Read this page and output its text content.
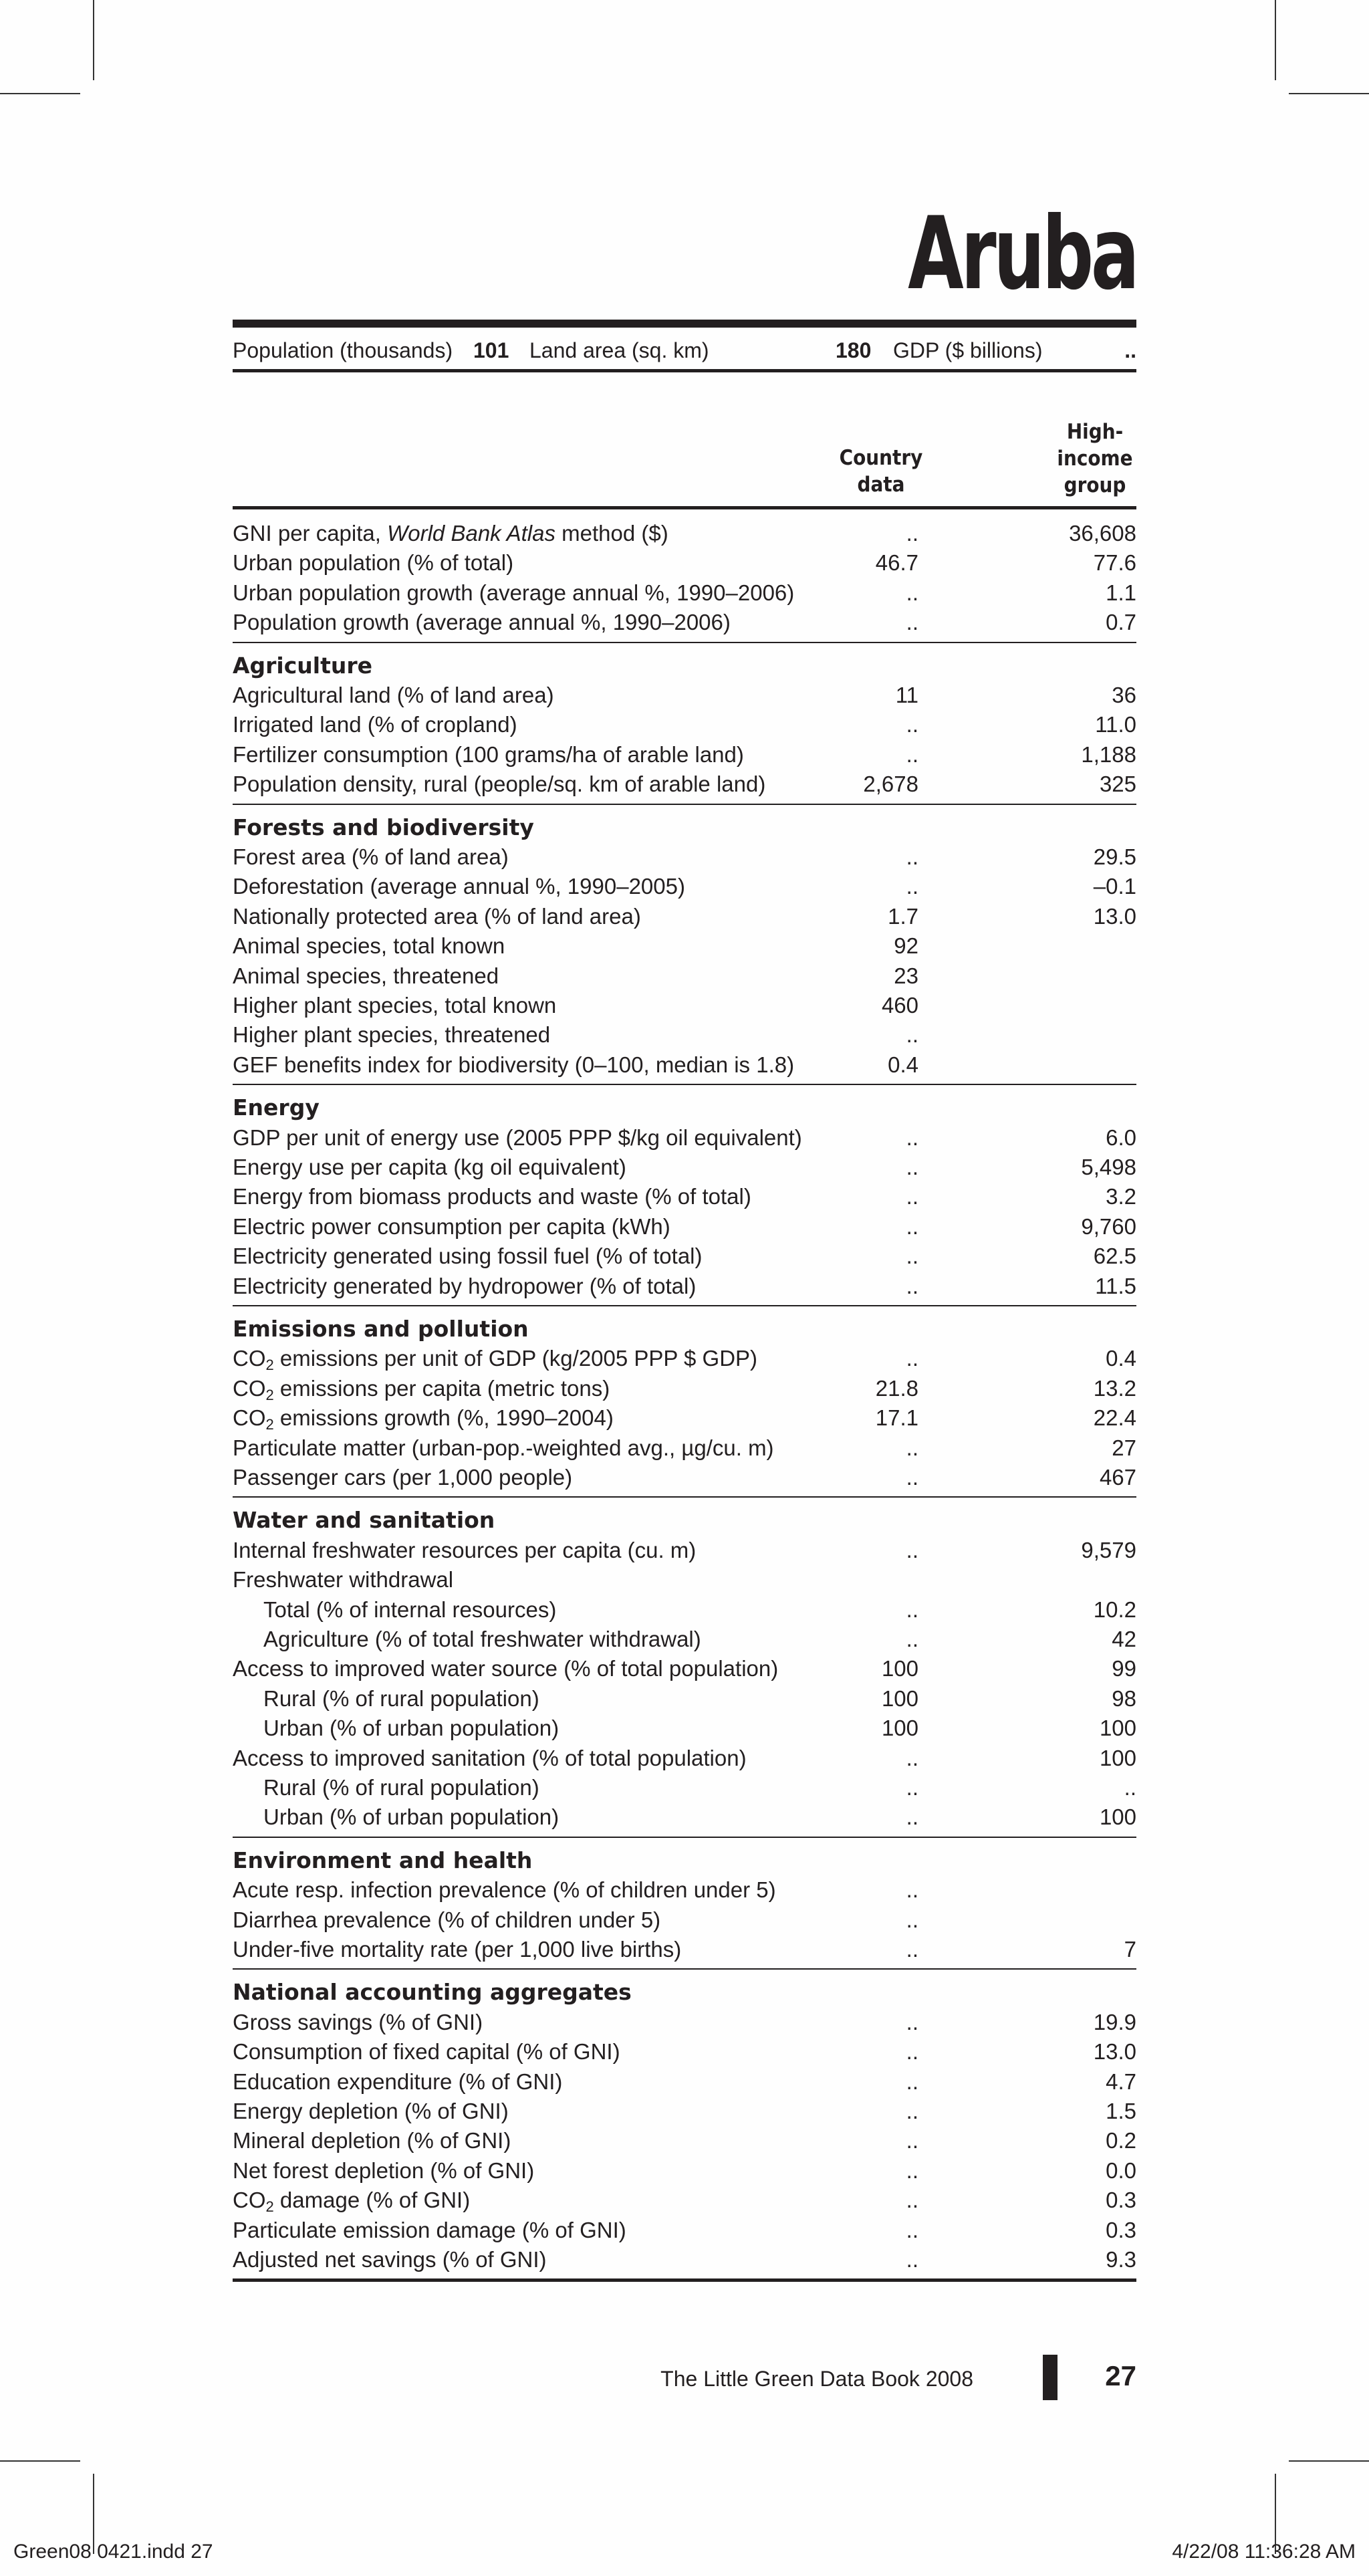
Aruba
Population (thousands) 101 Land area (sq. km)	180 GDP ($ billions)	..
Country
data
High-
income
group
GNI per capita, World Bank Atlas method ($)	..	36,608
Urban population (% of total)	46.7	77.6
Urban population growth (average annual %, 1990–2006)	..	1.1
Population growth (average annual %, 1990–2006)	..	0.7
Agriculture
Agricultural land (% of land area)	11	36
Irrigated land (% of cropland)	..	11.0
Fertilizer consumption (100 grams/ha of arable land)	..	1,188
Population density, rural (people/sq. km of arable land)	2,678	325
Forests and biodiversity
Forest area (% of land area)	..	29.5
Deforestation (average annual %, 1990–2005)	..	–0.1
Nationally protected area (% of land area)	1.7	13.0
Animal species, total known	92
Animal species, threatened	23
Higher plant species, total known	460
Higher plant species, threatened	..
GEF benefits index for biodiversity (0–100, median is 1.8)	0.4
Energy
GDP per unit of energy use (2005 PPP $/kg oil equivalent)	..	6.0
Energy use per capita (kg oil equivalent)	..	5,498
Energy from biomass products and waste (% of total)	..	3.2
Electric power consumption per capita (kWh)	..	9,760
Electricity generated using fossil fuel (% of total)	..	62.5
Electricity generated by hydropower (% of total)	..	11.5
Emissions and pollution
$CO_2$ emissions per unit of GDP (kg/2005 PPP $ GDP)	..	0.4
$CO_2$ emissions per capita (metric tons)	21.8	13.2
$CO_2$ emissions growth (%, 1990–2004)	17.1	22.4
Particulate matter (urban-pop.-weighted avg., µg/cu. m)	..	27
Passenger cars (per 1,000 people)	..	467
Water and sanitation
Internal freshwater resources per capita (cu. m)	..	9,579
Freshwater withdrawal
Total (% of internal resources)	..	10.2
Agriculture (% of total freshwater withdrawal)	..	42
Access to improved water source (% of total population)	100	99
Rural (% of rural population)	100	98
Urban (% of urban population)	100	100
Access to improved sanitation (% of total population)	..	100
Rural (% of rural population)	..	..
Urban (% of urban population)	..	100
Environment and health
Acute resp. infection prevalence (% of children under 5)	..
Diarrhea prevalence (% of children under 5)	..
Under-five mortality rate (per 1,000 live births)	..	7
National accounting aggregates
Gross savings (% of GNI)	..	19.9
Consumption of fixed capital (% of GNI)	..	13.0
Education expenditure (% of GNI)	..	4.7
Energy depletion (% of GNI)	..	1.5
Mineral depletion (% of GNI)	..	0.2
Net forest depletion (% of GNI)	..	0.0
$CO_2$ damage (% of GNI)	..	0.3
Particulate emission damage (% of GNI)	..	0.3
Adjusted net savings (% of GNI)	..	9.3
The Little Green Data Book 2008	27
Green08 0421.indd 27	4/22/08 11:36:28 AM
